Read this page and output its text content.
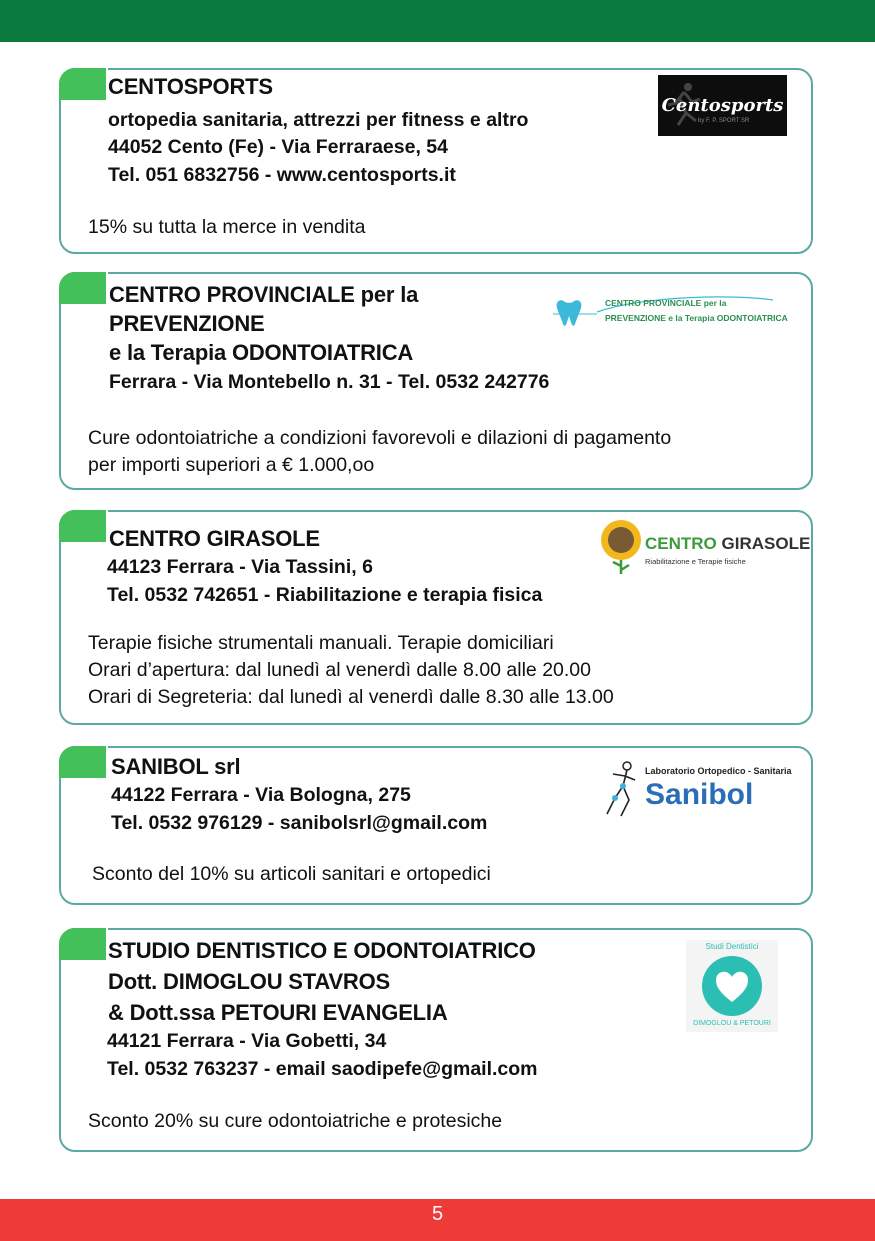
CENTOSPORTS
ortopedia sanitaria, attrezzi per fitness e altro
44052 Cento (Fe) - Via Ferraraese, 54
Tel. 051 6832756 - www.centosports.it
15% su tutta la merce in vendita
Centosports
by F. P. SPORT SR
CENTRO PROVINCIALE per la
PREVENZIONE
e la Terapia ODONTOIATRICA
Ferrara - Via Montebello n. 31 - Tel. 0532 242776
Cure odontoiatriche a condizioni favorevoli e dilazioni di pagamento
per importi superiori a € 1.000,oo
CENTRO PROVINCIALE per la
PREVENZIONE e la Terapia ODONTOIATRICA
CENTRO GIRASOLE
44123 Ferrara - Via Tassini, 6
Tel. 0532 742651 - Riabilitazione e terapia fisica
Terapie fisiche strumentali manuali. Terapie domiciliari
Orari d’apertura: dal lunedì al venerdì dalle 8.00 alle 20.00
Orari di Segreteria: dal lunedì al venerdì dalle 8.30 alle 13.00
CENTRO GIRASOLE
Riabilitazione e Terapie fisiche
SANIBOL srl
44122 Ferrara - Via Bologna, 275
Tel. 0532 976129 - sanibolsrl@gmail.com
Sconto del 10% su articoli sanitari e ortopedici
Laboratorio Ortopedico - Sanitaria
Sanibol
STUDIO DENTISTICO E ODONTOIATRICO
Dott. DIMOGLOU STAVROS
& Dott.ssa PETOURI EVANGELIA
44121 Ferrara - Via Gobetti, 34
Tel. 0532 763237 - email saodipefe@gmail.com
Sconto 20% su cure odontoiatriche e protesiche
Studi Dentistici
DIMOGLOU & PETOURI
5
